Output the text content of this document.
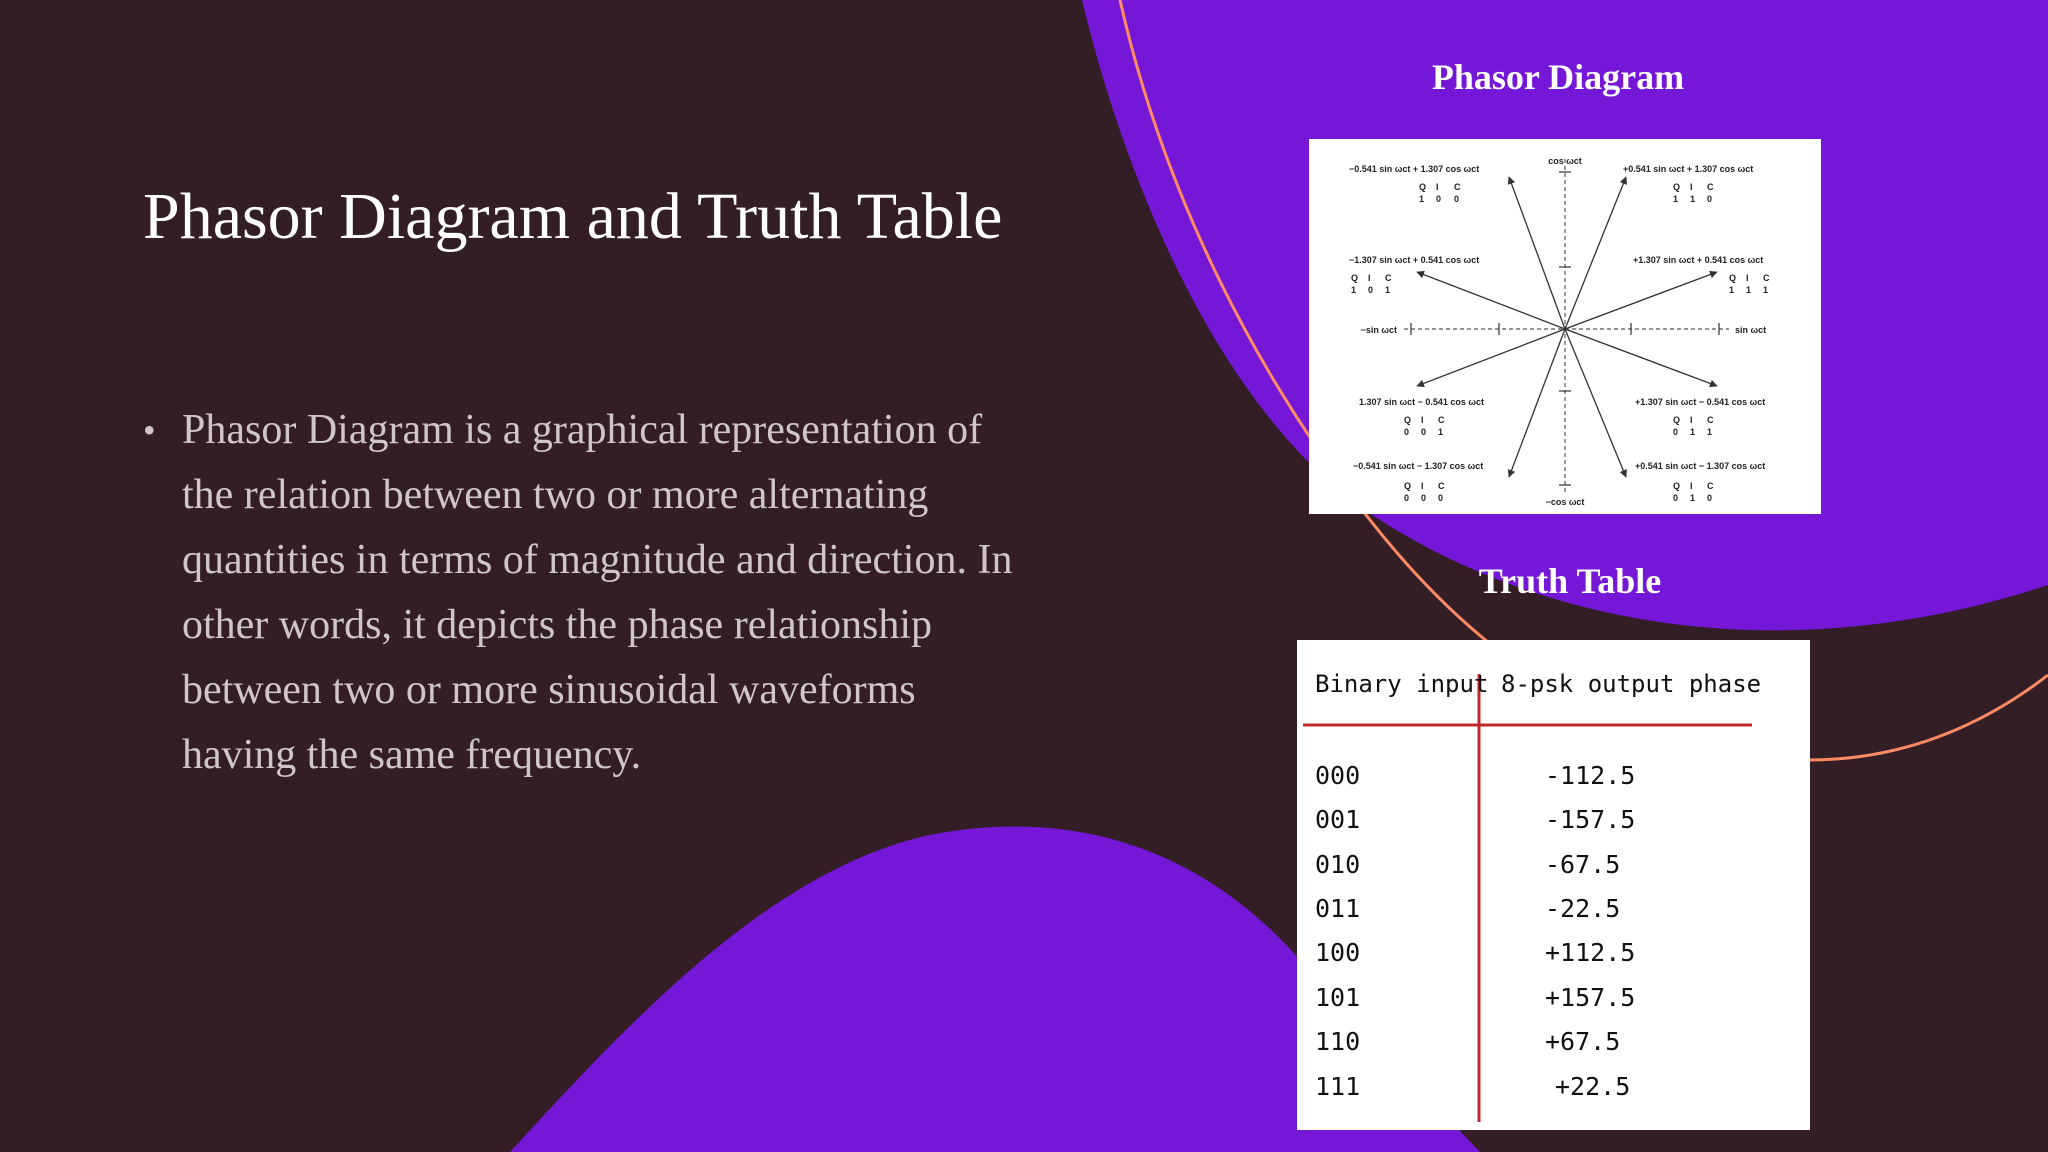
Phasor Diagram and Truth Table
• Phasor Diagram is a graphical representation of the relation between two or more alternating quantities in terms of magnitude and direction. In other words, it depicts the phase relationship between two or more sinusoidal waveforms having the same frequency.
Phasor Diagram
cos ωct
−cos ωct
−sin ωct	sin ωct
−0.541 sin ωct + 1.307 cos ωct
Q I C
1 0 0
+0.541 sin ωct + 1.307 cos ωct
Q I C
1 1 0
−1.307 sin ωct + 0.541 cos ωct
Q I C
1 0 1
+1.307 sin ωct + 0.541 cos ωct
Q I C
1 1 1
1.307 sin ωct − 0.541 cos ωct
Q I C
0 0 1
+1.307 sin ωct − 0.541 cos ωct
Q I C
0 1 1
−0.541 sin ωct − 1.307 cos ωct
Q I C
0 0 0
+0.541 sin ωct − 1.307 cos ωct
Q I C
0 1 0
Truth Table
Binary input 8-psk output phase
000	-112.5
001	-157.5
010	-67.5
011	-22.5
100	+112.5
101	+157.5
110	+67.5
111	+22.5
